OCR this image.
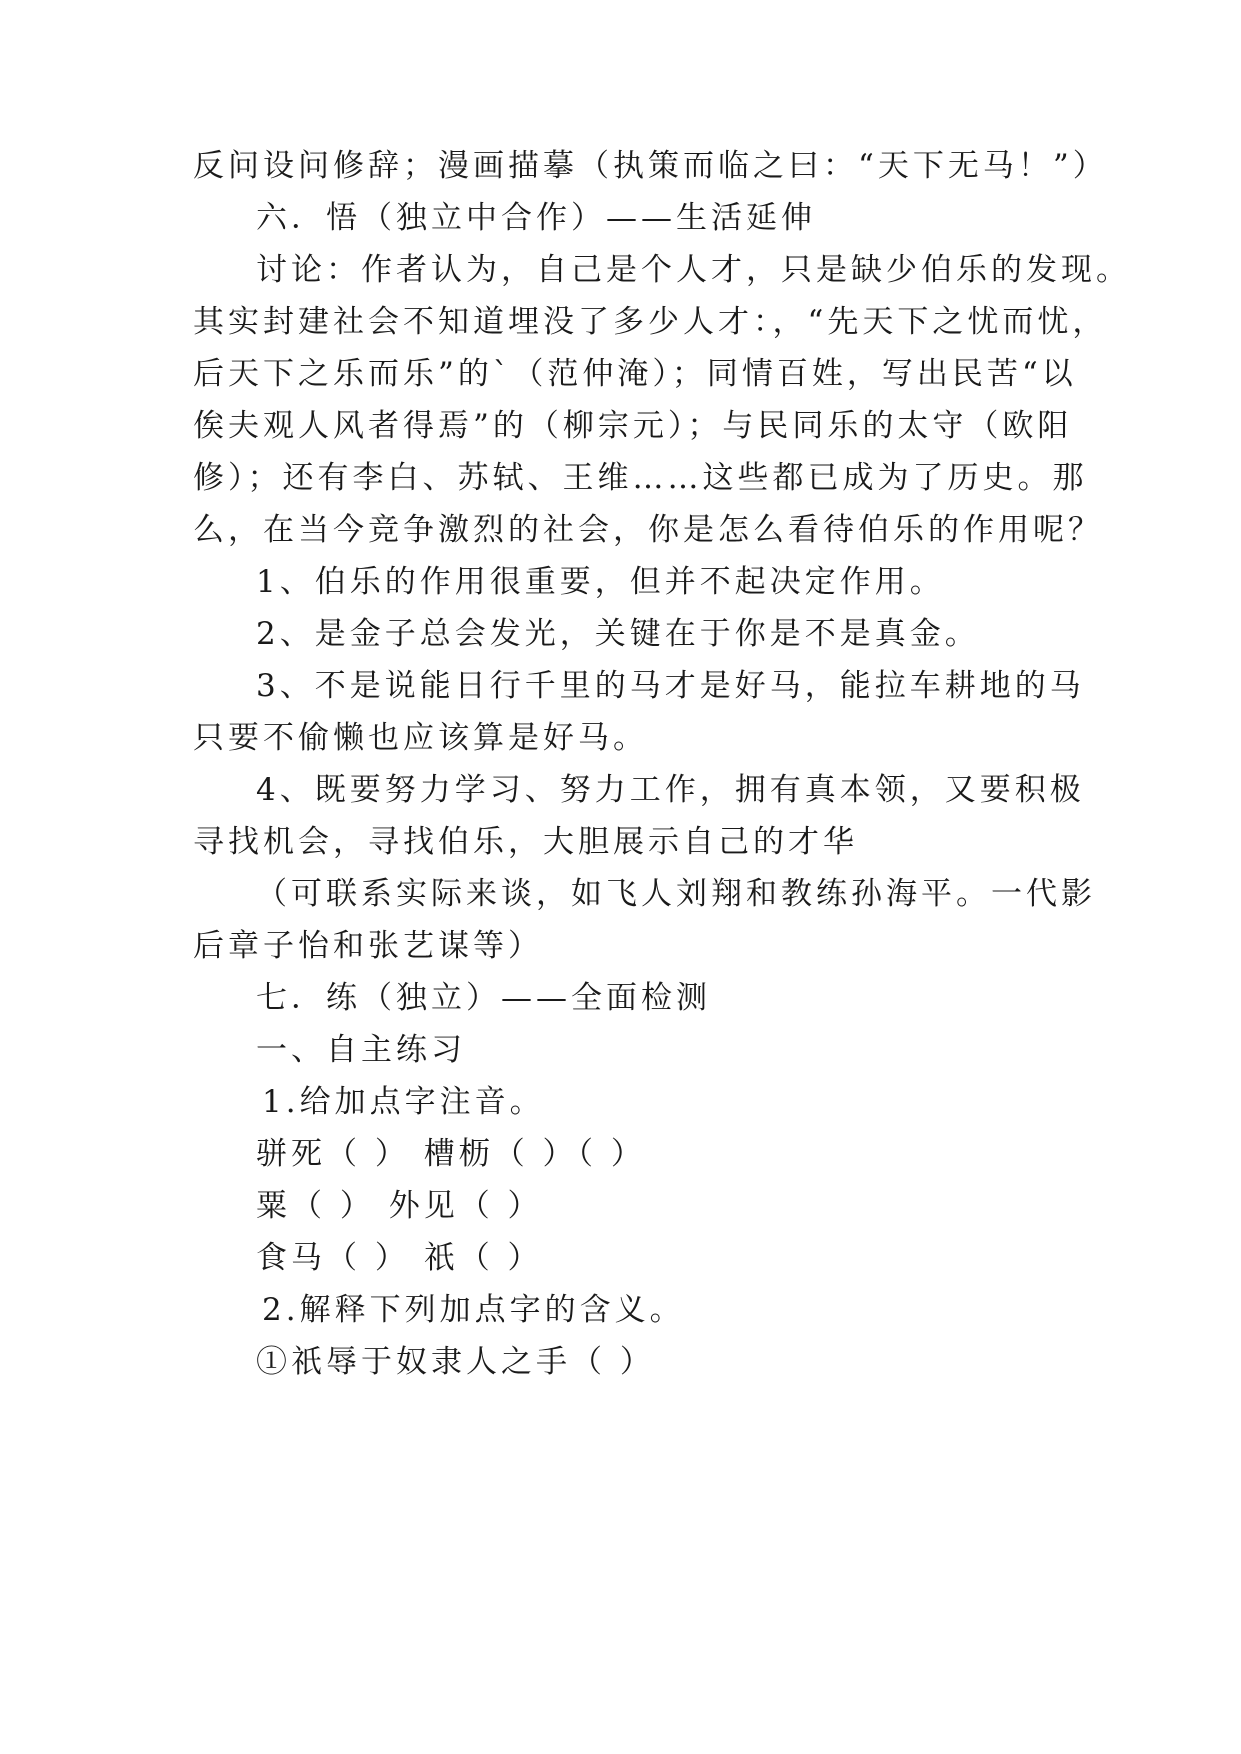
反问设问修辞；漫画描摹（执策而临之曰：“天下无马！”）
六．悟（独立中合作）——生活延伸
讨论：作者认为，自己是个人才，只是缺少伯乐的发现。
其实封建社会不知道埋没了多少人才：，“先天下之忧而忧，
后天下之乐而乐”的`（范仲淹）；同情百姓，写出民苦“以
俟夫观人风者得焉”的（柳宗元）；与民同乐的太守（欧阳
修）；还有李白、苏轼、王维……这些都已成为了历史。那
么，在当今竞争激烈的社会，你是怎么看待伯乐的作用呢？
1、伯乐的作用很重要，但并不起决定作用。
2、是金子总会发光，关键在于你是不是真金。
3、不是说能日行千里的马才是好马，能拉车耕地的马
只要不偷懒也应该算是好马。
4、既要努力学习、努力工作，拥有真本领，又要积极
寻找机会，寻找伯乐，大胆展示自己的才华
（可联系实际来谈，如飞人刘翔和教练孙海平。一代影
后章子怡和张艺谋等）
七．练（独立）——全面检测
一、自主练习
1.给加点字注音。
骈死（ ） 槽枥（ ）（ ）
粟（ ） 外见（ ）
食马（ ） 祇（ ）
2.解释下列加点字的含义。
①祇辱于奴隶人之手（ ）
